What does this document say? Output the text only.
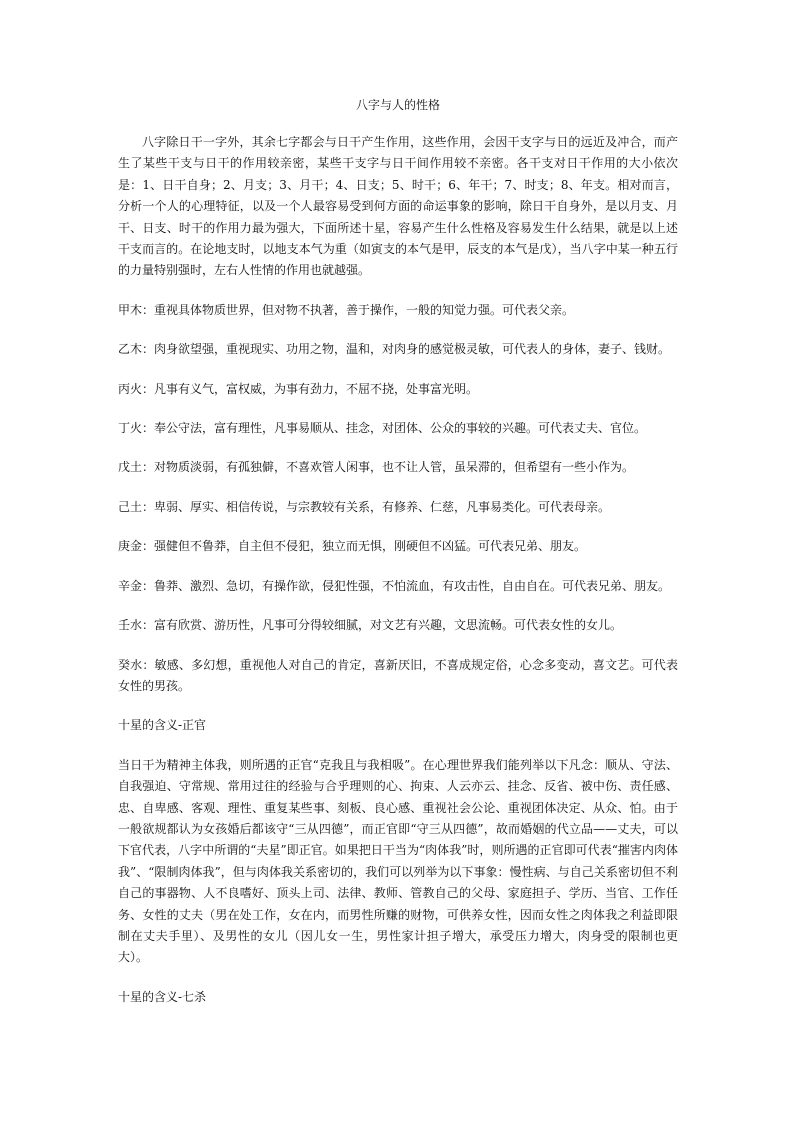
八字与人的性格

八字除日干一字外，其余七字都会与日干产生作用，这些作用，会因干支字与日的远近及冲合，而产生了某些干支与日干的作用较亲密，某些干支字与日干间作用较不亲密。各干支对日干作用的大小依次是：1、日干自身；2、月支；3、月干；4、日支；5、时干；6、年干；7、时支；8、年支。相对而言，分析一个人的心理特征，以及一个人最容易受到何方面的命运事象的影响，除日干自身外，是以月支、月干、日支、时干的作用力最为强大，下面所述十星，容易产生什么性格及容易发生什么结果，就是以上述干支而言的。在论地支时，以地支本气为重（如寅支的本气是甲，辰支的本气是戊），当八字中某一种五行的力量特别强时，左右人性情的作用也就越强。

甲木：重视具体物质世界，但对物不执著，善于操作，一般的知觉力强。可代表父亲。

乙木：肉身欲望强，重视现实、功用之物，温和，对肉身的感觉极灵敏，可代表人的身体，妻子、钱财。

丙火：凡事有义气，富权威，为事有劲力，不屈不挠，处事富光明。

丁火：奉公守法，富有理性，凡事易顺从、挂念，对团体、公众的事较的兴趣。可代表丈夫、官位。

戊土：对物质淡弱，有孤独僻，不喜欢管人闲事，也不让人管，虽呆滞的，但希望有一些小作为。

己土：卑弱、厚实、相信传说，与宗教较有关系，有修养、仁慈，凡事易类化。可代表母亲。

庚金：强健但不鲁莽，自主但不侵犯，独立而无惧，刚硬但不凶猛。可代表兄弟、朋友。

辛金：鲁莽、激烈、急切，有操作欲，侵犯性强，不怕流血，有攻击性，自由自在。可代表兄弟、朋友。

壬水：富有欣赏、游历性，凡事可分得较细腻，对文艺有兴趣，文思流畅。可代表女性的女儿。

癸水：敏感、多幻想，重视他人对自己的肯定，喜新厌旧，不喜成规定俗，心念多变动，喜文艺。可代表女性的男孩。

十星的含义-正官

当日干为精神主体我，则所遇的正官“克我且与我相吸”。在心理世界我们能列举以下凡念：顺从、守法、自我强迫、守常规、常用过往的经验与合乎理则的心、拘束、人云亦云、挂念、反省、被中伤、责任感、忠、自卑感、客观、理性、重复某些事、刻板、良心感、重视社会公论、重视团体决定、从众、怕。由于一般欲规都认为女孩婚后都该守“三从四德”，而正官即“守三从四德”，故而婚姻的代立品——丈夫，可以下官代表，八字中所谓的“夫星”即正官。如果把日干当为“肉体我”时，则所遇的正官即可代表“摧害内肉体我”、“限制肉体我”，但与肉体我关系密切的，我们可以列举为以下事象：慢性病、与自己关系密切但不利自己的事器物、人不良嗜好、顶头上司、法律、教师、管教自己的父母、家庭担子、学历、当官、工作任务、女性的丈夫（男在处工作，女在内，而男性所赚的财物，可供养女性，因而女性之肉体我之利益即限制在丈夫手里）、及男性的女儿（因儿女一生，男性家计担子增大，承受压力增大，肉身受的限制也更大）。

十星的含义-七杀
